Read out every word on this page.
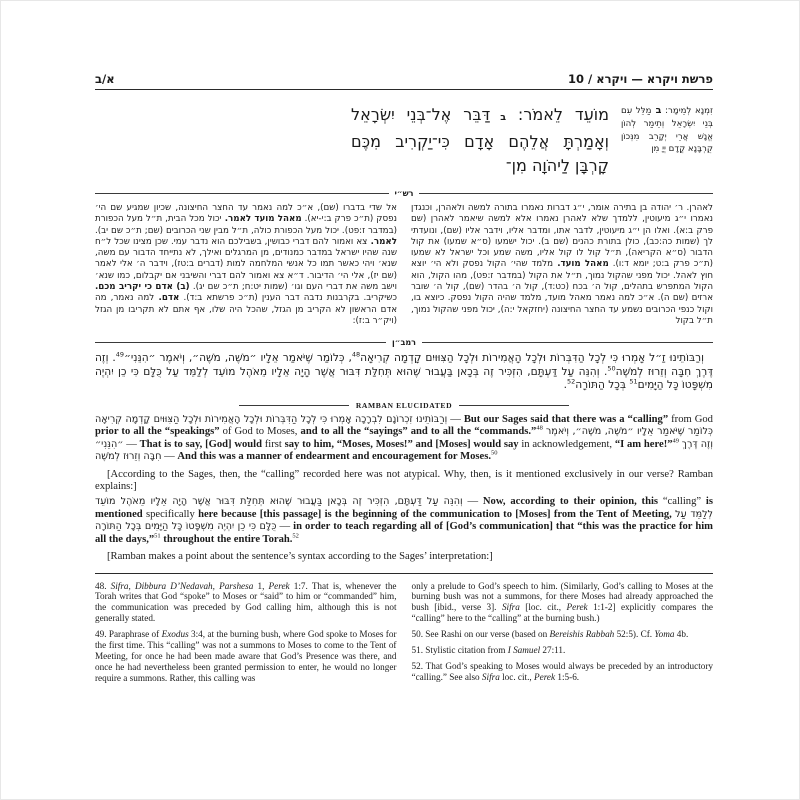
א/ב	פרשת ויקרא — ויקרא / 10
מוֹעֵד לֵאמֹר: ב דַּבֵּר אֶל־בְּנֵי יִשְׂרָאֵל וְאָמַרְתָּ אֲלֵהֶם אָדָם כִּי־יַקְרִיב מִכֶּם קָרְבָּן לַיהֹוָה מִן־
זִמְנָא לְמֵימָר: ב מַלֵּל עִם בְּנֵי יִשְׂרָאֵל וְתֵימַר לְהוֹן אֱנָשׁ אֲרֵי יְקָרֵב מִנְּכוֹן קֻרְבָּנָא קֳדָם יְיָ מִן
רש״י
אל שדי בדברו (שם), א״כ למה נאמר עד החצר החיצונה, שכיון שמגיע שם הי׳ נפסק (ת״כ פרק ב:י-יא). מאהל מועד לאמר. יכול מכל הבית, ת״ל מעל הכפורת (במדבר ז:פט). יכול מעל הכפורת כולה, ת״ל מבין שני הכרובים (שם; ת״כ שם יב). לאמר. צא ואמור להם דברי כבושין, בשבילכם הוא נדבר עמי. שכן מצינו שכל ל״ח שנה שהיו ישראל במדבר כמנודים, מן המרגלים ואילך, לא נתייחד הדבור עם משה, שנא׳ ויהי כאשר תמו כל אנשי המלחמה למות (דברים ב:טז), וידבר ה׳ אלי לאמר (שם יז), אלי הי׳ הדיבור. ד״א צא ואמור להם דברי והשיבני אם יקבלום, כמו שנא׳ וישב משה את דברי העם וגו׳ (שמות יט:ח; ת״כ שם יג). (ב) אדם כי יקריב מכם. כשיקריב. בקרבנות נדבה דבר הענין (ת״כ פרשתא ב:ד). אדם. למה נאמר, מה אדם הראשון לא הקריב מן הגזל, שהכל היה שלו, אף אתם לא תקריבו מן הגזל (ויק״ר ב:ז):
לאהרן. ר׳ יהודה בן בתירה אומר, י״ג דברות נאמרו בתורה למשה ולאהרן, וכנגדן נאמרו י״ג מיעוטין, ללמדך שלא לאהרן נאמרו אלא למשה שיאמר לאהרן (שם פרק ב:א). ואלו הן י״ג מיעוטין, לדבר אתו, ומדבר אליו, וידבר אליו (שם), ונועדתי לך (שמות כה:כב), כולן בתורת כהנים (שם ב). יכול ישמעו (ס״א שמעו) את קול הדבור (ס״א הקריאה), ת״ל קול לו קול אליו, משה שמע וכל ישראל לא שמעו (ת״כ פרק ב:ט; יומא ד:ו). מאהל מועד. מלמד שהי׳ הקול נפסק ולא הי׳ יוצא חוץ לאהל. יכול מפני שהקול נמוך, ת״ל את הקול (במדבר ז:פט), מהו הקול, הוא הקול המתפרש בתהלים, קול ה׳ בכח (כט:ד), קול ה׳ בהדר (שם), קול ה׳ שובר ארזים (שם ה). א״כ למה נאמר מאהל מועד, מלמד שהיה הקול נפסק. כיוצא בו, וקול כנפי הכרובים נשמע עד החצר החיצונה (יחזקאל י:ה), יכול מפני שהקול נמוך, ת״ל בקול
רמב״ן
וְרַבּוֹתֵינוּ זַ״ל אָמְרוּ כִּי לְכָל הַדִּבְּרוֹת וּלְכָל הָאֲמִירוֹת וּלְכָל הַצִּוּוּיִם קָדְמָה קְרִיאָה$^{48}$, כְּלוֹמַר שֶׁיֹּאמַר אֵלָיו ״מֹשֶׁה, מֹשֶׁה״, וְיֹאמֶר ״הִנֵּנִי״$^{49}$. וְזֶה דֶּרֶךְ חִבָּה וְזֵרוּז לְמֹשֶׁה$^{50}$. וְהִנֵּה עַל דַּעְתָּם, הִזְכִּיר זֶה בְּכָאן בַּעֲבוּר שֶׁהוּא תְּחִלַּת דִּבּוּר אֲשֶׁר הָיָה אֵלָיו מֵאֹהֶל מוֹעֵד לְלַמֵּד עַל כֻּלָּם כִּי כֵן יִהְיֶה מִשְׁפָּטוֹ כָּל הַיָּמִים$^{51}$ בְּכָל הַתּוֹרָה$^{52}$.
RAMBAN ELUCIDATED

וְרַבּוֹתֵינוּ זִכְרוֹנָם לִבְרָכָה אָמְרוּ כִּי לְכָל הַדִּבְּרוֹת וּלְכָל הָאֲמִירוֹת וּלְכָל הַצִּוּוּיִם קָדְמָה קְרִיאָה — But our Sages said that there was a “calling” from God prior to all the “speakings” of God to Moses, and to all the “sayings” and to all the “commands.”$^{48}$ כְּלוֹמַר שֶׁיֹּאמַר אֵלָיו ״מֹשֶׁה, מֹשֶׁה״, וְיֹאמֶר ״הִנֵּנִי״ — That is to say, [God] would first say to him, “Moses, Moses!” and [Moses] would say in acknowledgement, “I am here!”$^{49}$ וְזֶה דֶּרֶךְ חִבָּה וְזֵרוּז לְמֹשֶׁה — And this was a manner of endearment and encouragement for Moses.$^{50}$

[According to the Sages, then, the “calling” recorded here was not atypical. Why, then, is it mentioned exclusively in our verse? Ramban explains:]

וְהִנֵּה עַל דַּעְתָּם, הִזְכִּיר זֶה בְּכָאן בַּעֲבוּר שֶׁהוּא תְּחִלַּת דִּבּוּר אֲשֶׁר הָיָה אֵלָיו מֵאֹהֶל מוֹעֵד — Now, according to their opinion, this “calling” is mentioned specifically here because [this passage] is the beginning of the communication to [Moses] from the Tent of Meeting, לְלַמֵּד עַל כֻּלָּם כִּי כֵן יִהְיֶה מִשְׁפָּטוֹ כָּל הַיָּמִים בְּכָל הַתּוֹרָה — in order to teach regarding all of [God’s communication] that “this was the practice for him all the days,”$^{51}$ throughout the entire Torah.$^{52}$

[Ramban makes a point about the sentence’s syntax according to the Sages’ interpretation:]

48. Sifra, Dibbura D’Nedavah, Parshesa 1, Perek 1:7. That is, whenever the Torah writes that God “spoke” to Moses or “said” to him or “commanded” him, the communication was preceded by God calling him, although this is not generally stated.

49. Paraphrase of Exodus 3:4, at the burning bush, where God spoke to Moses for the first time. This “calling” was not a summons to Moses to come to the Tent of Meeting, for once he had been made aware that God’s Presence was there, and once he had nevertheless been granted permission to enter, he would no longer require a summons. Rather, this calling was

only a prelude to God’s speech to him. (Similarly, God’s calling to Moses at the burning bush was not a summons, for there Moses had already approached the bush [ibid., verse 3]. Sifra [loc. cit., Perek 1:1-2] explicitly compares the “calling” here to the “calling” at the burning bush.)

50. See Rashi on our verse (based on Bereishis Rabbah 52:5). Cf. Yoma 4b.

51. Stylistic citation from I Samuel 27:11.

52. That God’s speaking to Moses would always be preceded by an introductory “calling.” See also Sifra loc. cit., Perek 1:5-6.
